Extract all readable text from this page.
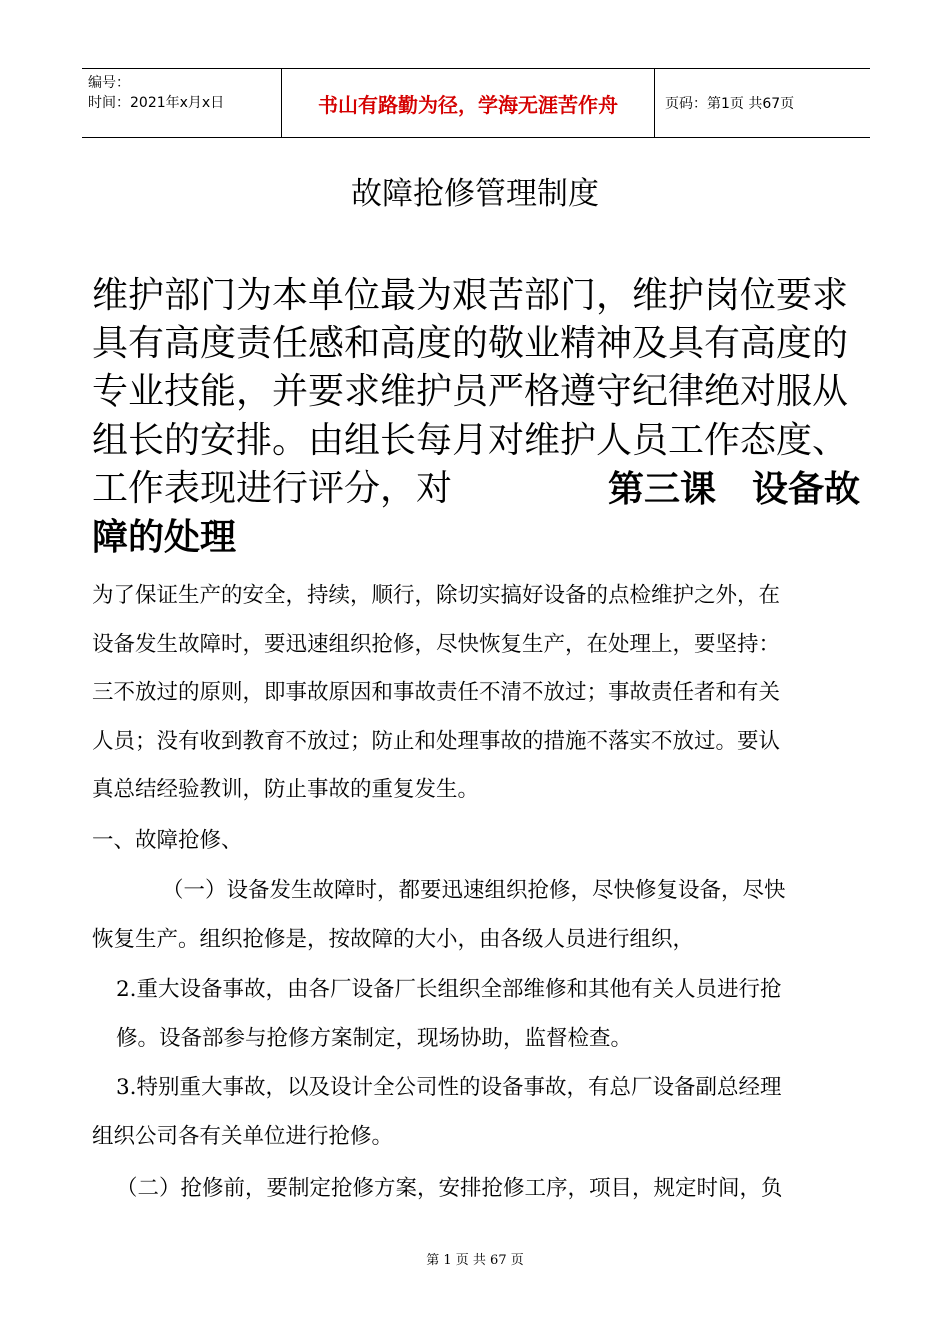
编号：
时间：2021年x月x日	书山有路勤为径，学海无涯苦作舟	页码：第1页 共67页
故障抢修管理制度
维护部门为本单位最为艰苦部门，维护岗位要求
具有高度责任感和高度的敬业精神及具有高度的
专业技能，并要求维护员严格遵守纪律绝对服从
组长的安排。由组长每月对维护人员工作态度、
工作表现进行评分，对	第三课　设备故
障的处理
为了保证生产的安全，持续，顺行，除切实搞好设备的点检维护之外，在
设备发生故障时，要迅速组织抢修，尽快恢复生产，在处理上，要坚持：
三不放过的原则，即事故原因和事故责任不清不放过；事故责任者和有关
人员；没有收到教育不放过；防止和处理事故的措施不落实不放过。要认
真总结经验教训，防止事故的重复发生。
一、故障抢修、
（一）设备发生故障时，都要迅速组织抢修，尽快修复设备，尽快
恢复生产。组织抢修是，按故障的大小，由各级人员进行组织，
2.重大设备事故，由各厂设备厂长组织全部维修和其他有关人员进行抢
修。设备部参与抢修方案制定，现场协助，监督检查。
3.特别重大事故，以及设计全公司性的设备事故，有总厂设备副总经理
组织公司各有关单位进行抢修。
（二）抢修前，要制定抢修方案，安排抢修工序，项目，规定时间，负
第 1 页 共 67 页
